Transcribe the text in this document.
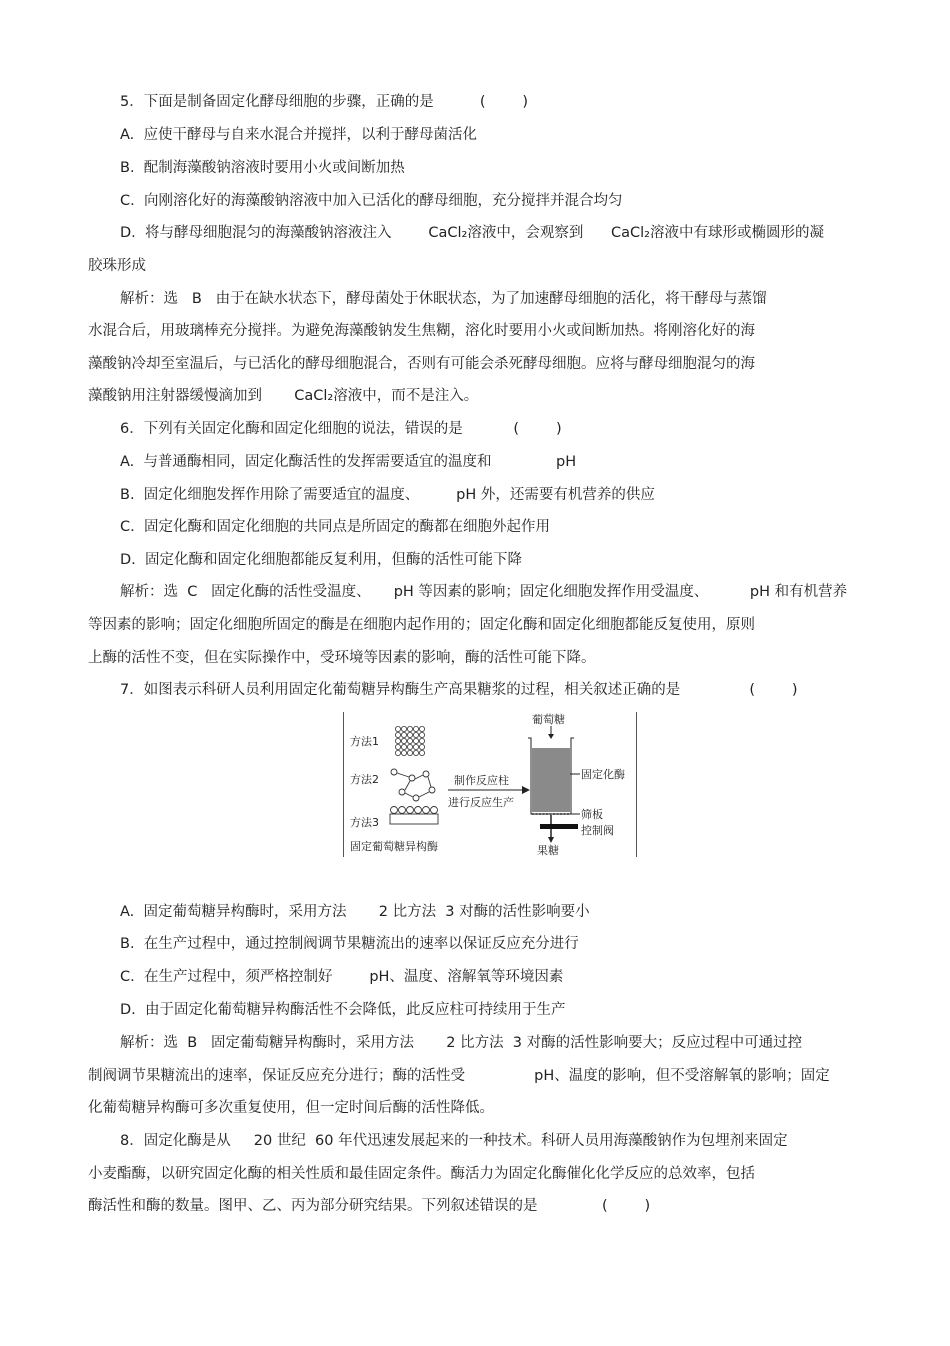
5．下面是制备固定化酵母细胞的步骤，正确的是          (        )
A.  应使干酵母与自来水混合并搅拌，以利于酵母菌活化
B.  配制海藻酸钠溶液时要用小火或间断加热
C.  向刚溶化好的海藻酸钠溶液中加入已活化的酵母细胞，充分搅拌并混合均匀
D.  将与酵母细胞混匀的海藻酸钠溶液注入        CaCl₂溶液中，会观察到      CaCl₂溶液中有球形或椭圆形的凝
胶珠形成
解析：选   B   由于在缺水状态下，酵母菌处于休眠状态，为了加速酵母细胞的活化，将干酵母与蒸馏
水混合后，用玻璃棒充分搅拌。为避免海藻酸钠发生焦糊，溶化时要用小火或间断加热。将刚溶化好的海
藻酸钠冷却至室温后，与已活化的酵母细胞混合，否则有可能会杀死酵母细胞。应将与酵母细胞混匀的海
藻酸钠用注射器缓慢滴加到       CaCl₂溶液中，而不是注入。
6．下列有关固定化酶和固定化细胞的说法，错误的是           (        )
A.  与普通酶相同，固定化酶活性的发挥需要适宜的温度和              pH
B.  固定化细胞发挥作用除了需要适宜的温度、        pH 外，还需要有机营养的供应
C.  固定化酶和固定化细胞的共同点是所固定的酶都在细胞外起作用
D.  固定化酶和固定化细胞都能反复利用，但酶的活性可能下降
解析：选  C   固定化酶的活性受温度、     pH 等因素的影响；固定化细胞发挥作用受温度、         pH 和有机营养
等因素的影响；固定化细胞所固定的酶是在细胞内起作用的；固定化酶和固定化细胞都能反复使用，原则
上酶的活性不变，但在实际操作中，受环境等因素的影响，酶的活性可能下降。
7．如图表示科研人员利用固定化葡萄糖异构酶生产高果糖浆的过程，相关叙述正确的是               (        )
A.  固定葡萄糖异构酶时，采用方法       2 比方法  3 对酶的活性影响要小
B.  在生产过程中，通过控制阀调节果糖流出的速率以保证反应充分进行
C.  在生产过程中，须严格控制好        pH、温度、溶解氧等环境因素
D.  由于固定化葡萄糖异构酶活性不会降低，此反应柱可持续用于生产
解析：选  B   固定葡萄糖异构酶时，采用方法       2 比方法  3 对酶的活性影响要大；反应过程中可通过控
制阀调节果糖流出的速率，保证反应充分进行；酶的活性受               pH、温度的影响，但不受溶解氧的影响；固定
化葡萄糖异构酶可多次重复使用，但一定时间后酶的活性降低。
8．固定化酶是从     20 世纪  60 年代迅速发展起来的一种技术。科研人员用海藻酸钠作为包埋剂来固定
小麦酯酶，以研究固定化酶的相关性质和最佳固定条件。酶活力为固定化酶催化化学反应的总效率，包括
酶活性和酶的数量。图甲、乙、丙为部分研究结果。下列叙述错误的是              (        )
方法1
方法2
方法3
固定葡萄糖异构酶
制作反应柱
进行反应生产
葡萄糖
固定化酶
筛板
控制阀
果糖
